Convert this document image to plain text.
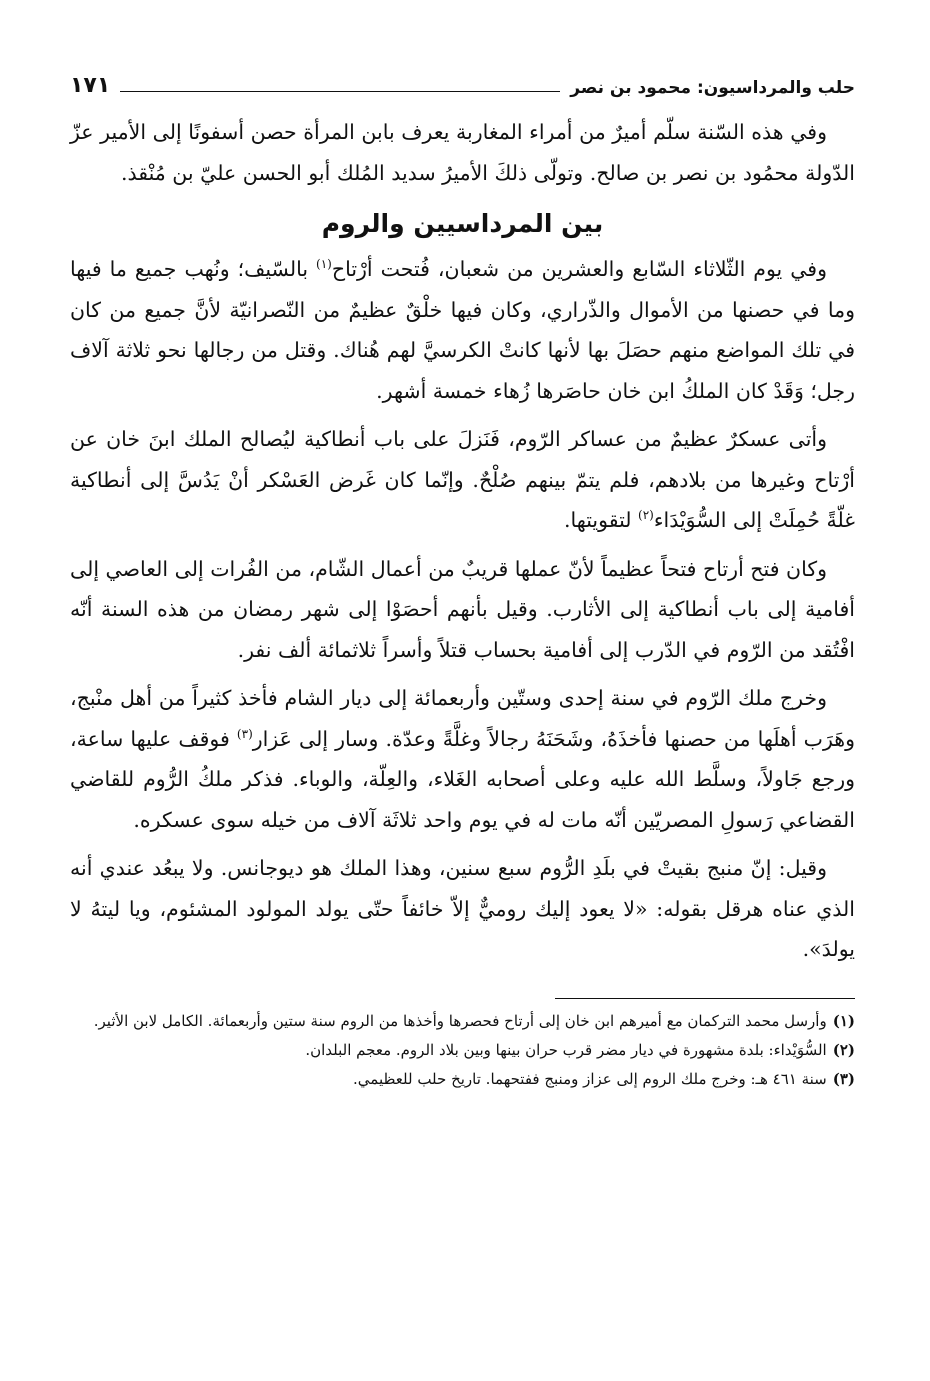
حلب والمرداسيون: محمود بن نصر
١٧١

وفي هذه السّنة سلّم أميرٌ من أمراء المغاربة يعرف بابن المرأة حصن أسفونًا إلى الأمير عزّ الدّولة محمُود بن نصر بن صالح. وتولّى ذلكَ الأميرُ سديد المُلك أبو الحسن عليّ بن مُنْقذ.

بين المرداسيين والروم

وفي يوم الثّلاثاء السّابع والعشرين من شعبان، فُتحت أرْتاح$^{(١)}$ بالسّيف؛ ونُهب جميع ما فيها وما في حصنها من الأموال والذّراري، وكان فيها خلْقٌ عظيمٌ من النّصرانيّة لأنَّ جميع من كان في تلك المواضع منهم حصَلَ بها لأنها كانتْ الكرسيَّ لهم هُناك. وقتل من رجالها نحو ثلاثة آلاف رجل؛ وَقَدْ كان الملكُ ابن خان حاصَرها زُهاء خمسة أشهر.

وأتى عسكرٌ عظيمٌ من عساكر الرّوم، فَنَزلَ على باب أنطاكية ليُصالح الملك ابنَ خان عن أرْتاح وغيرها من بلادهم، فلم يتمّ بينهم صُلْحٌ. وإنّما كان غَرض العَسْكر أنْ يَدُسَّ إلى أنطاكية غلّةً حُمِلَتْ إلى السُّوَيْدَاء$^{(٢)}$ لتقويتها.

وكان فتح أرتاح فتحاً عظيماً لأنّ عملها قريبٌ من أعمال الشّام، من الفُرات إلى العاصي إلى أفامية إلى باب أنطاكية إلى الأثارب. وقيل بأنهم أحصَوْا إلى شهر رمضان من هذه السنة أنّه افْتُقد من الرّوم في الدّرب إلى أفامية بحساب قتلاً وأسراً ثلاثمائة ألف نفر.

وخرج ملك الرّوم في سنة إحدى وستّين وأربعمائة إلى ديار الشام فأخذ كثيراً من أهل منْبج، وهَرَب أهلَها من حصنها فأخذَهُ، وشَحَنَهُ رجالاً وغلَّةً وعدّة. وسار إلى عَزار$^{(٣)}$ فوقف عليها ساعة، ورجع جَاولاً، وسلَّط الله عليه وعلى أصحابه الغَلاء، والعِلّة، والوباء. فذكر ملكُ الرُّوم للقاضي القضاعي رَسولِ المصريّين أنّه مات له في يوم واحد ثلاثَة آلاف من خيله سوى عسكره.

وقيل: إنّ منبج بقيتْ في بلَدِ الرُّوم سبع سنين، وهذا الملك هو ديوجانس. ولا يبعُد عندي أنه الذي عناه هرقل بقوله: «لا يعود إليك روميٌّ إلاّ خائفاً حتّى يولد المولود المشئوم، ويا ليتهُ لا يولدَ».

(١)وأرسل محمد التركمان مع أميرهم ابن خان إلى أرتاح فحصرها وأخذها من الروم سنة ستين وأربعمائة. الكامل لابن الأثير.

(٢)السُّوَيْداء: بلدة مشهورة في ديار مضر قرب حران بينها وبين بلاد الروم. معجم البلدان.

(٣)سنة ٤٦١ هـ: وخرج ملك الروم إلى عزاز ومنبج ففتحهما. تاريخ حلب للعظيمي.
